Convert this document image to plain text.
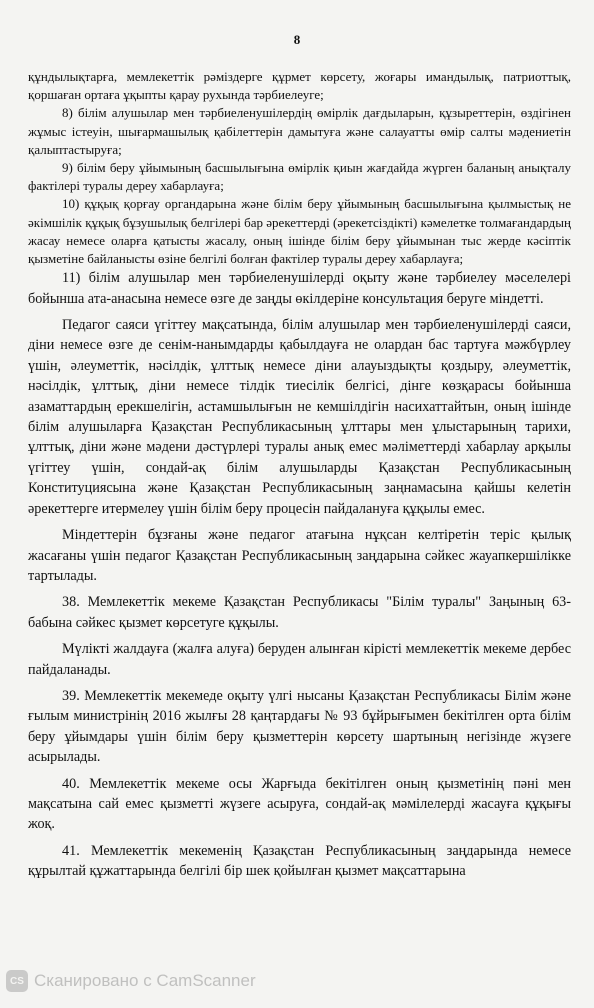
8

құндылықтарға, мемлекеттік рәміздерге құрмет көрсету, жоғары имандылық, патриоттық, қоршаған ортаға ұқыпты қарау рухында тәрбиелеуге;

8) білім алушылар мен тәрбиеленушілердің өмірлік дағдыларын, құзыреттерін, өздігінен жұмыс істеуін, шығармашылық қабілеттерін дамытуға және салауатты өмір салты мәдениетін қалыптастыруға;

9) білім беру ұйымының басшылығына өмірлік қиын жағдайда жүрген баланың анықталу фактілері туралы дереу хабарлауға;

10) құқық қорғау органдарына және білім беру ұйымының басшылығына қылмыстық не әкімшілік құқық бұзушылық белгілері бар әрекеттерді (әрекетсіздікті) кәмелетке толмағандардың жасау немесе оларға қатысты жасалу, оның ішінде білім беру ұйымынан тыс жерде кәсіптік қызметіне байланысты өзіне белгілі болған фактілер туралы дереу хабарлауға;

11) білім алушылар мен тәрбиеленушілерді оқыту және тәрбиелеу мәселелері бойынша ата-анасына немесе өзге де заңды өкілдеріне консультация беруге міндетті.

Педагог саяси үгіттеу мақсатында, білім алушылар мен тәрбиеленушілерді саяси, діни немесе өзге де сенім-нанымдарды қабылдауға не олардан бас тартуға мәжбүрлеу үшін, әлеуметтік, нәсілдік, ұлттық немесе діни алауыздықты қоздыру, әлеуметтік, нәсілдік, ұлттық, діни немесе тілдік тиесілік белгісі, дінге көзқарасы бойынша азаматтардың ерекшелігін, астамшылығын не кемшілдігін насихаттайтын, оның ішінде білім алушыларға Қазақстан Республикасының ұлттары мен ұлыстарының тарихи, ұлттық, діни және мәдени дәстүрлері туралы анық емес мәліметтерді хабарлау арқылы үгіттеу үшін, сондай-ақ білім алушыларды Қазақстан Республикасының Конституциясына және Қазақстан Республикасының заңнамасына қайшы келетін әрекеттерге итермелеу үшін білім беру процесін пайдалануға құқылы емес.

Міндеттерін бұзғаны және педагог атағына нұқсан келтіретін теріс қылық жасағаны үшін педагог Қазақстан Республикасының заңдарына сәйкес жауапкершілікке тартылады.

38. Мемлекеттік мекеме Қазақстан Республикасы "Білім туралы" Заңының 63-бабына сәйкес қызмет көрсетуге құқылы.

Мүлікті жалдауға (жалға алуға) беруден алынған кірісті мемлекеттік мекеме дербес пайдаланады.

39. Мемлекеттік мекемеде оқыту үлгі нысаны Қазақстан Республикасы Білім және ғылым министрінің 2016 жылғы 28 қаңтардағы № 93 бұйрығымен бекітілген орта білім беру ұйымдары үшін білім беру қызметтерін көрсету шартының негізінде жүзеге асырылады.

40. Мемлекеттік мекеме осы Жарғыда бекітілген оның қызметінің пәні мен мақсатына сай емес қызметті жүзеге асыруға, сондай-ақ мәмілелерді жасауға құқығы жоқ.

41. Мемлекеттік мекеменің Қазақстан Республикасының заңдарында немесе құрылтай құжаттарында белгілі бір шек қойылған қызмет мақсаттарына

CS Сканировано с CamScanner
